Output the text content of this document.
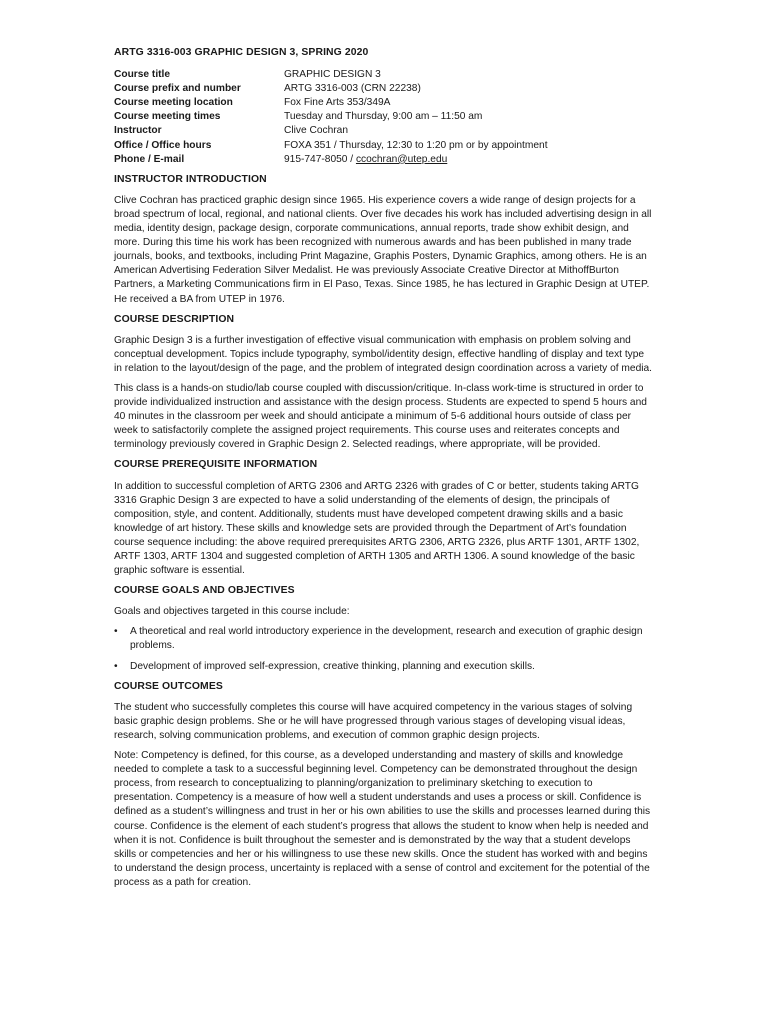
ARTG 3316-003 GRAPHIC DESIGN 3, SPRING 2020
Course title	GRAPHIC DESIGN 3
Course prefix and number	ARTG 3316-003 (CRN 22238)
Course meeting location	Fox Fine Arts 353/349A
Course meeting times	Tuesday and Thursday, 9:00 am – 11:50 am
Instructor	Clive Cochran
Office / Office hours	FOXA 351 / Thursday, 12:30 to 1:20 pm or by appointment
Phone / E-mail	915-747-8050 / ccochran@utep.edu
INSTRUCTOR INTRODUCTION

Clive Cochran has practiced graphic design since 1965. His experience covers a wide range of design projects for a broad spectrum of local, regional, and national clients. Over five decades his work has included advertising design in all media, identity design, package design, corporate communications, annual reports, trade show exhibit design, and more. During this time his work has been recognized with numerous awards and has been published in many trade journals, books, and textbooks, including Print Magazine, Graphis Posters, Dynamic Graphics, among others. He is an American Advertising Federation Silver Medalist. He was previously Associate Creative Director at MithoffBurton Partners, a Marketing Communications firm in El Paso, Texas. Since 1985, he has lectured in Graphic Design at UTEP. He received a BA from UTEP in 1976.

COURSE DESCRIPTION

Graphic Design 3 is a further investigation of effective visual communication with emphasis on problem solving and conceptual development. Topics include typography, symbol/identity design, effective handling of display and text type in relation to the layout/design of the page, and the problem of integrated design coordination across a variety of media.

This class is a hands-on studio/lab course coupled with discussion/critique. In-class work-time is structured in order to provide individualized instruction and assistance with the design process. Students are expected to spend 5 hours and 40 minutes in the classroom per week and should anticipate a minimum of 5-6 additional hours outside of class per week to satisfactorily complete the assigned project requirements. This course uses and reiterates concepts and terminology previously covered in Graphic Design 2. Selected readings, where appropriate, will be provided.

COURSE PREREQUISITE INFORMATION

In addition to successful completion of ARTG 2306 and ARTG 2326 with grades of C or better, students taking ARTG 3316 Graphic Design 3 are expected to have a solid understanding of the elements of design, the principals of composition, style, and content. Additionally, students must have developed competent drawing skills and a basic knowledge of art history. These skills and knowledge sets are provided through the Department of Art’s foundation course sequence including: the above required prerequisites ARTG 2306, ARTG 2326, plus ARTF 1301, ARTF 1302, ARTF 1303, ARTF 1304 and suggested completion of ARTH 1305 and ARTH 1306. A sound knowledge of the basic graphic software is essential.

COURSE GOALS AND OBJECTIVES

Goals and objectives targeted in this course include:

• A theoretical and real world introductory experience in the development, research and execution of graphic design problems.
• Development of improved self-expression, creative thinking, planning and execution skills.
COURSE OUTCOMES

The student who successfully completes this course will have acquired competency in the various stages of solving basic graphic design problems. She or he will have progressed through various stages of developing visual ideas, research, solving communication problems, and execution of common graphic design projects.

Note: Competency is defined, for this course, as a developed understanding and mastery of skills and knowledge needed to complete a task to a successful beginning level. Competency can be demonstrated throughout the design process, from research to conceptualizing to planning/organization to preliminary sketching to execution to presentation. Competency is a measure of how well a student understands and uses a process or skill. Confidence is defined as a student’s willingness and trust in her or his own abilities to use the skills and processes learned during this course. Confidence is the element of each student’s progress that allows the student to know when help is needed and when it is not. Confidence is built throughout the semester and is demonstrated by the way that a student develops skills or competencies and her or his willingness to use these new skills. Once the student has worked with and begins to understand the design process, uncertainty is replaced with a sense of control and excitement for the potential of the process as a path for creation.
